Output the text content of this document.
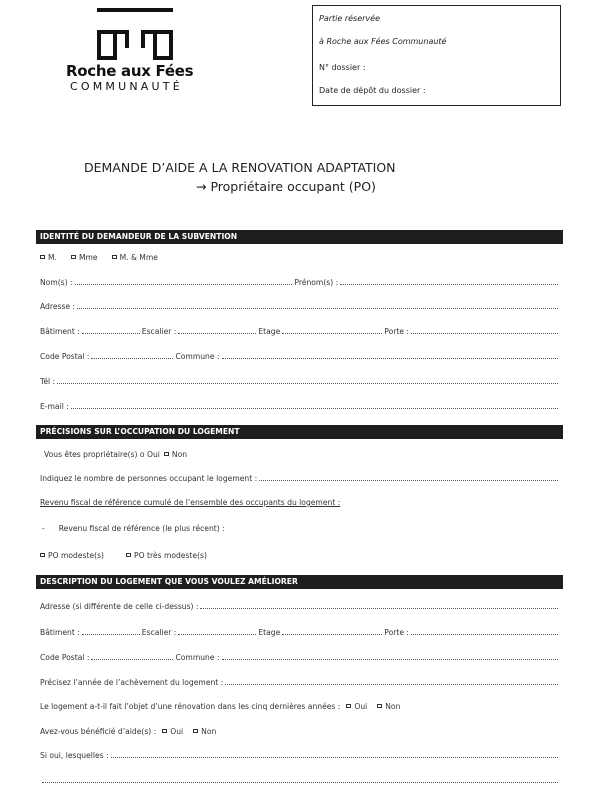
Roche aux Fées
COMMUNAUTÉ
Partie réservée
à Roche aux Fées Communauté
N° dossier :
Date de dépôt du dossier :
DEMANDE D’AIDE A LA RENOVATION ADAPTATION
→ Propriétaire occupant (PO)
IDENTITÉ DU DEMANDEUR DE LA SUBVENTION
M.	Mme	M. & Mme
Nom(s) :	Prénom(s) :
Adresse :
Bâtiment :	Escalier :	Etage	Porte :
Code Postal :	Commune :
Tél :
E-mail :
PRÉCISIONS SUR L’OCCUPATION DU LOGEMENT
Vous êtes propriétaire(s) o Oui	Non
Indiquez le nombre de personnes occupant le logement :
Revenu fiscal de référence cumulé de l’ensemble des occupants du logement :
- Revenu fiscal de référence (le plus récent) :
PO modeste(s)	PO très modeste(s)
DESCRIPTION DU LOGEMENT QUE VOUS VOULEZ AMÉLIORER
Adresse (si différente de celle ci-dessus) :
Bâtiment :	Escalier :	Etage	Porte :
Code Postal :	Commune :
Précisez l’année de l’achèvement du logement :
Le logement a-t-il fait l’objet d’une rénovation dans les cinq dernières années :	Oui	Non
Avez-vous bénéficié d’aide(s) :	Oui	Non
Si oui, lesquelles :
